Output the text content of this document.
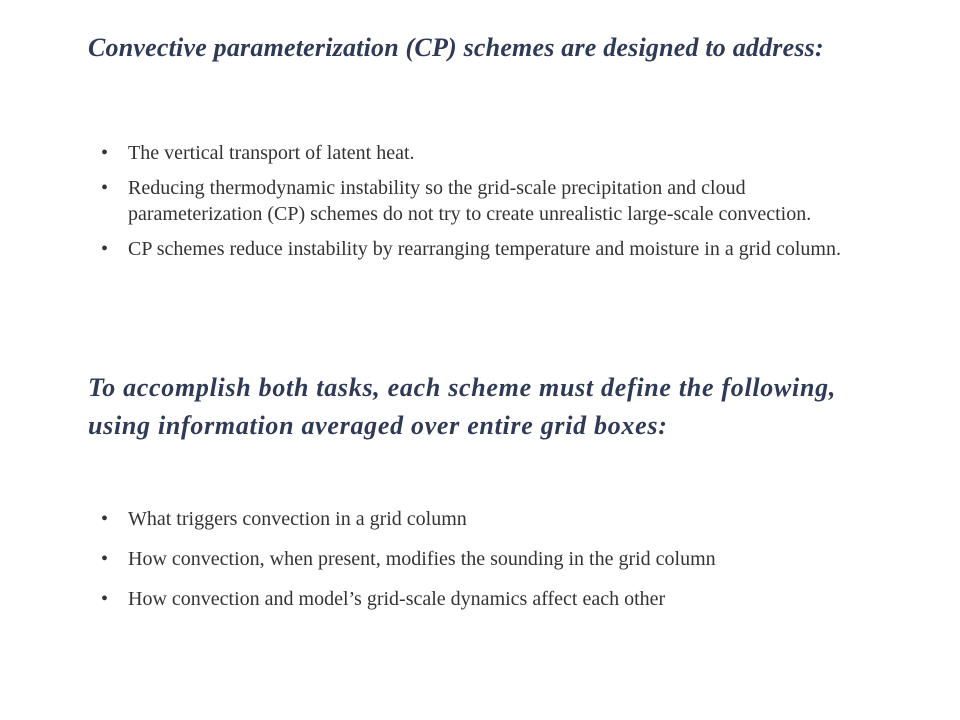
Convective parameterization (CP) schemes are designed to address:
• The vertical transport of latent heat.
• Reducing thermodynamic instability so the grid-scale precipitation and cloud parameterization (CP) schemes do not try to create unrealistic large-scale convection.
• CP schemes reduce instability by rearranging temperature and moisture in a grid column.
To accomplish both tasks, each scheme must define the following, using information averaged over entire grid boxes:
• What triggers convection in a grid column
• How convection, when present, modifies the sounding in the grid column
• How convection and model’s grid-scale dynamics affect each other
